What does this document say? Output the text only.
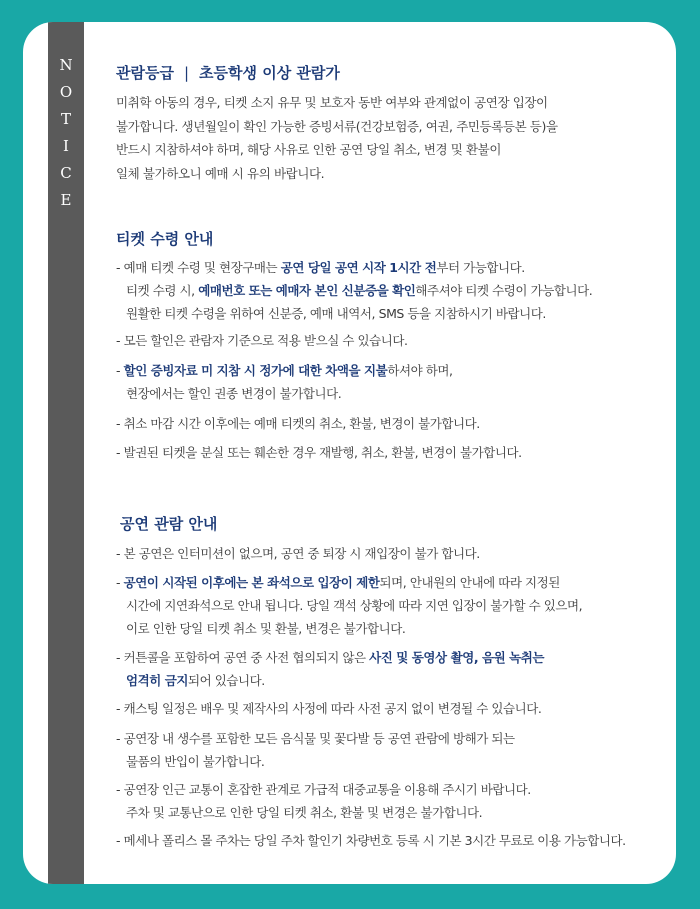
N
O
T
I
C
E
관람등급 | 초등학생 이상 관람가
미취학 아동의 경우, 티켓 소지 유무 및 보호자 동반 여부와 관계없이 공연장 입장이
불가합니다. 생년월일이 확인 가능한 증빙서류(건강보험증, 여권, 주민등록등본 등)을
반드시 지참하셔야 하며, 해당 사유로 인한 공연 당일 취소, 변경 및 환불이
일체 불가하오니 예매 시 유의 바랍니다.
티켓 수령 안내
- 예매 티켓 수령 및 현장구매는 공연 당일 공연 시작 1시간 전부터 가능합니다.
티켓 수령 시, 예매번호 또는 예매자 본인 신분증을 확인해주셔야 티켓 수령이 가능합니다.
원활한 티켓 수령을 위하여 신분증, 예매 내역서, SMS 등을 지참하시기 바랍니다.
- 모든 할인은 관람자 기준으로 적용 받으실 수 있습니다.
- 할인 증빙자료 미 지참 시 정가에 대한 차액을 지불하셔야 하며,
현장에서는 할인 권종 변경이 불가합니다.
- 취소 마감 시간 이후에는 예매 티켓의 취소, 환불, 변경이 불가합니다.
- 발권된 티켓을 분실 또는 훼손한 경우 재발행, 취소, 환불, 변경이 불가합니다.
공연 관람 안내
- 본 공연은 인터미션이 없으며, 공연 중 퇴장 시 재입장이 불가 합니다.
- 공연이 시작된 이후에는 본 좌석으로 입장이 제한되며, 안내원의 안내에 따라 지정된
시간에 지연좌석으로 안내 됩니다. 당일 객석 상황에 따라 지연 입장이 불가할 수 있으며,
이로 인한 당일 티켓 취소 및 환불, 변경은 불가합니다.
- 커튼콜을 포함하여 공연 중 사전 협의되지 않은 사진 및 동영상 촬영, 음원 녹취는
엄격히 금지되어 있습니다.
- 캐스팅 일정은 배우 및 제작사의 사정에 따라 사전 공지 없이 변경될 수 있습니다.
- 공연장 내 생수를 포함한 모든 음식물 및 꽃다발 등 공연 관람에 방해가 되는
물품의 반입이 불가합니다.
- 공연장 인근 교통이 혼잡한 관계로 가급적 대중교통을 이용해 주시기 바랍니다.
주차 및 교통난으로 인한 당일 티켓 취소, 환불 및 변경은 불가합니다.
- 메세나 폴리스 몰 주차는 당일 주차 할인기 차량번호 등록 시 기본 3시간 무료로 이용 가능합니다.
